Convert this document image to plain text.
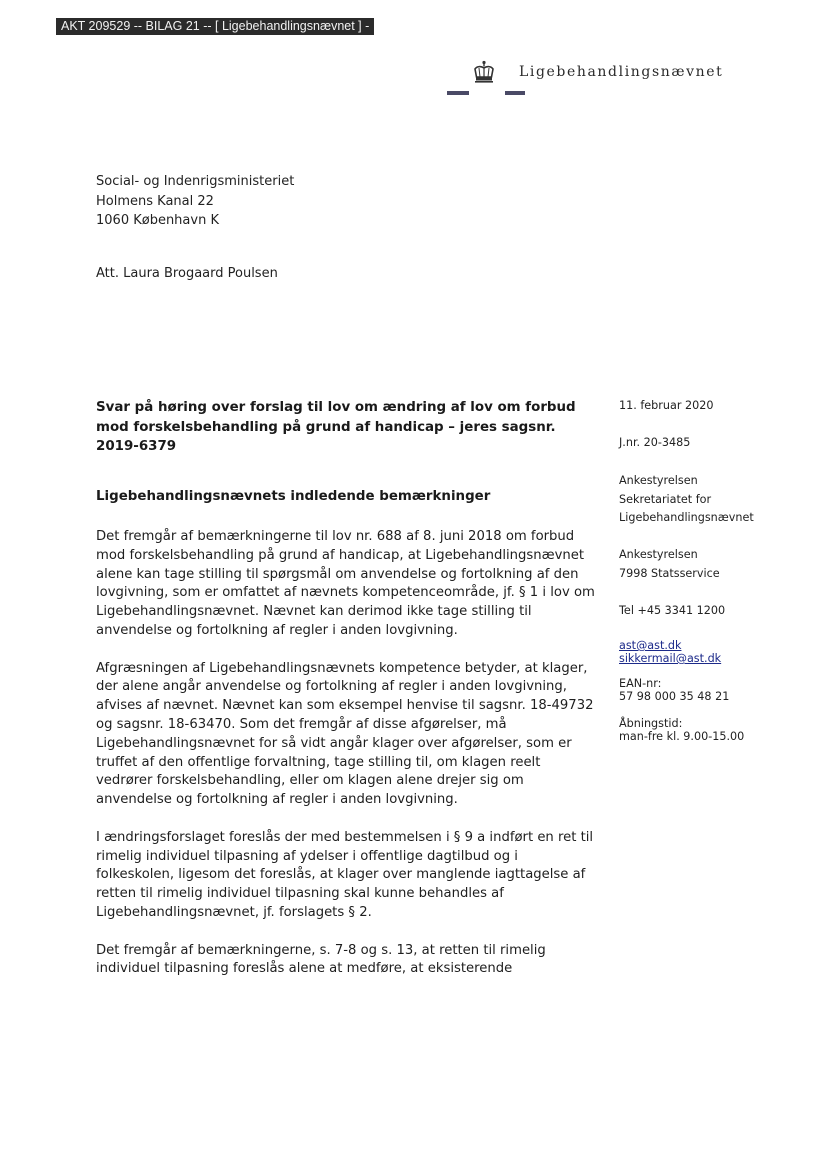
AKT 209529 -- BILAG 21 -- [ Ligebehandlingsnævnet ] -
Ligebehandlingsnævnet
Social- og Indenrigsministeriet
Holmens Kanal 22
1060 København K
Att. Laura Brogaard Poulsen
Svar på høring over forslag til lov om ændring af lov om forbud mod forskelsbehandling på grund af handicap – jeres sagsnr. 2019-6379
Ligebehandlingsnævnets indledende bemærkninger

Det fremgår af bemærkningerne til lov nr. 688 af 8. juni 2018 om forbud mod forskelsbehandling på grund af handicap, at Ligebehandlingsnævnet alene kan tage stilling til spørgsmål om anvendelse og fortolkning af den lovgivning, som er omfattet af nævnets kompetenceområde, jf. § 1 i lov om Ligebehandlingsnævnet. Nævnet kan derimod ikke tage stilling til anvendelse og fortolkning af regler i anden lovgivning.

Afgræsningen af Ligebehandlingsnævnets kompetence betyder, at klager, der alene angår anvendelse og fortolkning af regler i anden lovgivning, afvises af nævnet. Nævnet kan som eksempel henvise til sagsnr. 18-49732 og sagsnr. 18-63470. Som det fremgår af disse afgørelser, må Ligebehandlingsnævnet for så vidt angår klager over afgørelser, som er truffet af den offentlige forvaltning, tage stilling til, om klagen reelt vedrører forskelsbehandling, eller om klagen alene drejer sig om anvendelse og fortolkning af regler i anden lovgivning.

I ændringsforslaget foreslås der med bestemmelsen i § 9 a indført en ret til rimelig individuel tilpasning af ydelser i offentlige dagtilbud og i folkeskolen, ligesom det foreslås, at klager over manglende iagttagelse af retten til rimelig individuel tilpasning skal kunne behandles af Ligebehandlingsnævnet, jf. forslagets § 2.

Det fremgår af bemærkningerne, s. 7-8 og s. 13, at retten til rimelig individuel tilpasning foreslås alene at medføre, at eksisterende

11. februar 2020
J.nr. 20-3485
Ankestyrelsen
Sekretariatet for
Ligebehandlingsnævnet
Ankestyrelsen
7998 Statsservice
Tel +45 3341 1200
ast@ast.dk
sikkermail@ast.dk
EAN-nr:
57 98 000 35 48 21
Åbningstid:
man-fre kl. 9.00-15.00
